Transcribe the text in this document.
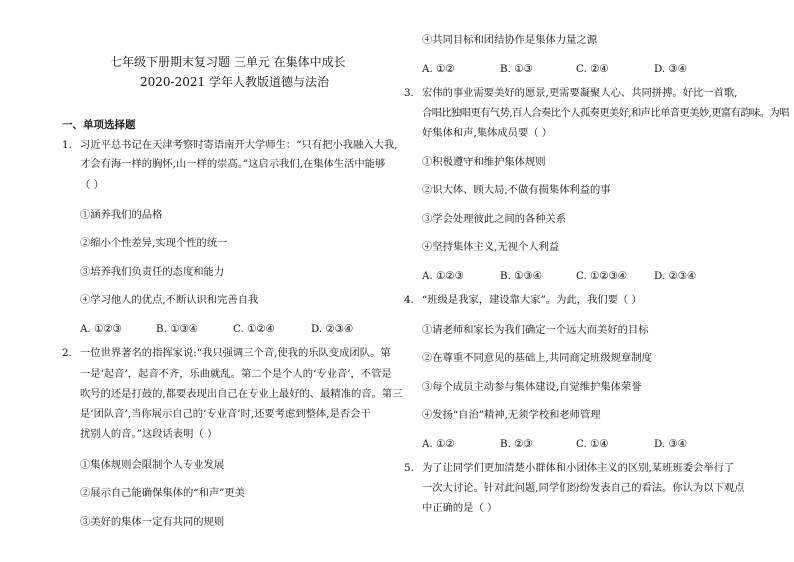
七年级下册期末复习题 三单元 在集体中成长
2020-2021 学年人教版道德与法治
一、单项选择题
1. 习近平总书记在天津考察时寄语南开大学师生：“只有把小我融入大我,
才会有海一样的胸怀,山一样的崇高。”这启示我们,在集体生活中能够
（ ）
①涵养我们的品格
②缩小个性差异,实现个性的统一
③培养我们负责任的态度和能力
④学习他人的优点,不断认识和完善自我
A. ①②③	B. ①③④	C. ①②④	D. ②③④
2. 一位世界著名的指挥家说:“我只强调三个音,使我的乐队变成团队。第
一是‘起音’，起音不齐，乐曲就乱。第二个是个人的‘专业音’，不管是
吹号的还是打鼓的,都要表现出自己在专业上最好的、最精准的音。第三
是‘团队音’,当你展示自己的‘专业音’时,还要考虑到整体,是否会干
扰别人的音。”这段话表明（ ）
①集体规则会限制个人专业发展
②展示自己能确保集体的“和声”更美
③美好的集体一定有共同的规则
④共同目标和团结协作是集体力量之源
A. ①②	B. ①③	C. ②④	D. ③④
3. 宏伟的事业需要美好的愿景,更需要凝聚人心、共同拼搏。好比一首歌,
合唱比独唱更有气势,百人合奏比个人孤奏更美好,和声比单音更美妙,更富有韵味。为唱
好集体和声,集体成员要（ ）
①积极遵守和维护集体规则
②识大体、顾大局,不做有损集体利益的事
③学会处理彼此之间的各种关系
④坚持集体主义,无视个人利益
A. ①②③	B. ①③④	C. ①②③④	D. ②③④
4. “班级是我家，建设靠大家”。为此，我们要（ ）
①请老师和家长为我们确定一个远大而美好的目标
②在尊重不同意见的基础上,共同商定班级规章制度
③每个成员主动参与集体建设,自觉维护集体荣誉
④发扬“自治”精神,无须学校和老师管理
A. ①②	B. ②③	C. ①④	D. ③④
5. 为了让同学们更加清楚小群体和小团体主义的区别,某班班委会举行了
一次大讨论。针对此问题,同学们纷纷发表自己的看法。你认为以下观点
中正确的是（ ）
